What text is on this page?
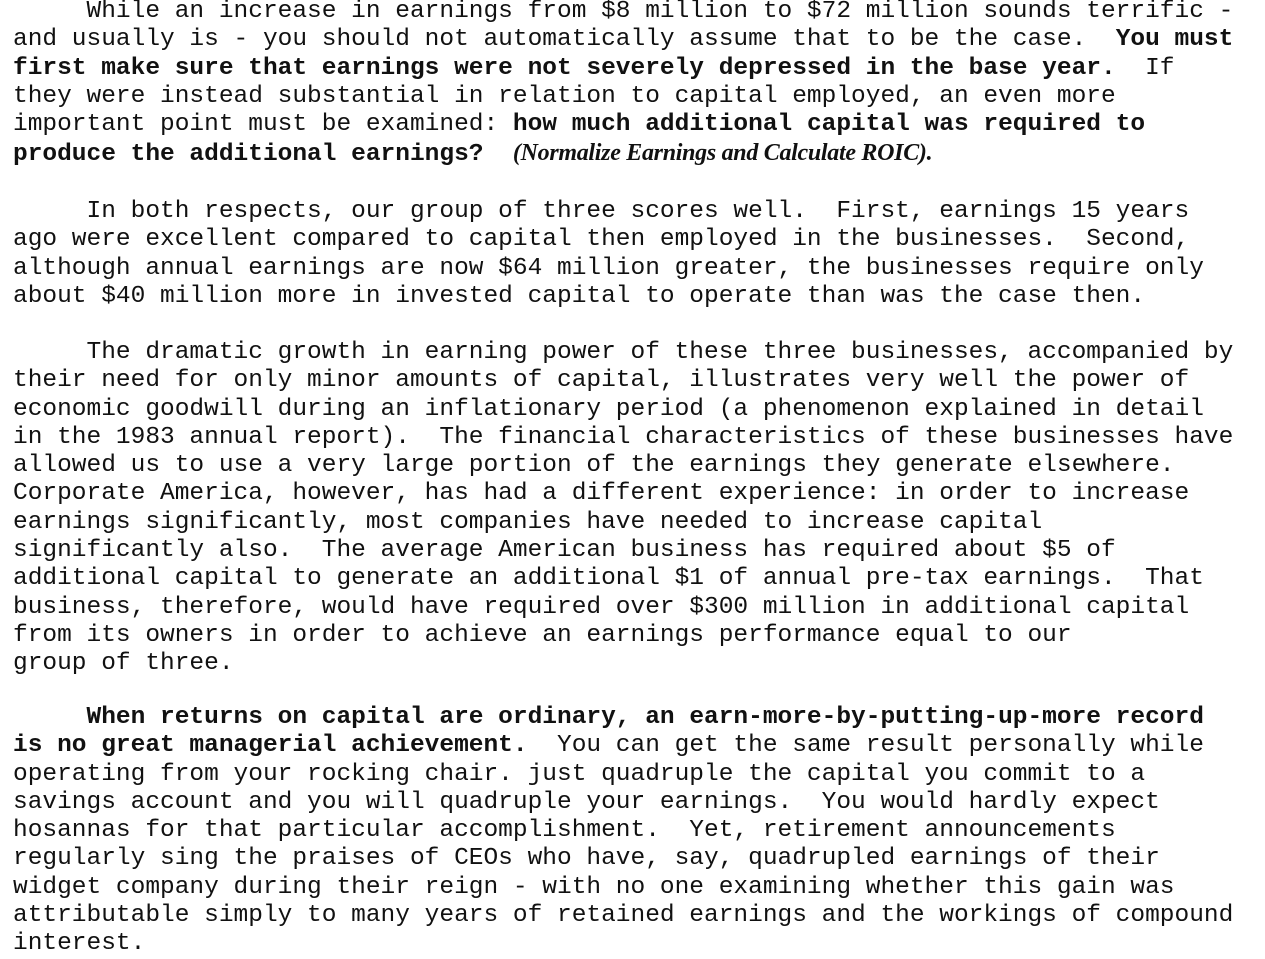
While an increase in earnings from $8 million to $72 million sounds terrific -
and usually is - you should not automatically assume that to be the case.  You must
first make sure that earnings were not severely depressed in the base year.  If
they were instead substantial in relation to capital employed, an even more
important point must be examined: how much additional capital was required to
produce the additional earnings? (Normalize Earnings and Calculate ROIC).
In both respects, our group of three scores well.  First, earnings 15 years
ago were excellent compared to capital then employed in the businesses.  Second,
although annual earnings are now $64 million greater, the businesses require only
about $40 million more in invested capital to operate than was the case then.
The dramatic growth in earning power of these three businesses, accompanied by
their need for only minor amounts of capital, illustrates very well the power of
economic goodwill during an inflationary period (a phenomenon explained in detail
in the 1983 annual report).  The financial characteristics of these businesses have
allowed us to use a very large portion of the earnings they generate elsewhere.
Corporate America, however, has had a different experience: in order to increase
earnings significantly, most companies have needed to increase capital
significantly also.  The average American business has required about $5 of
additional capital to generate an additional $1 of annual pre-tax earnings.  That
business, therefore, would have required over $300 million in additional capital
from its owners in order to achieve an earnings performance equal to our
group of three.
When returns on capital are ordinary, an earn-more-by-putting-up-more record
is no great managerial achievement.  You can get the same result personally while
operating from your rocking chair. just quadruple the capital you commit to a
savings account and you will quadruple your earnings.  You would hardly expect
hosannas for that particular accomplishment.  Yet, retirement announcements
regularly sing the praises of CEOs who have, say, quadrupled earnings of their
widget company during their reign - with no one examining whether this gain was
attributable simply to many years of retained earnings and the workings of compound
interest.
